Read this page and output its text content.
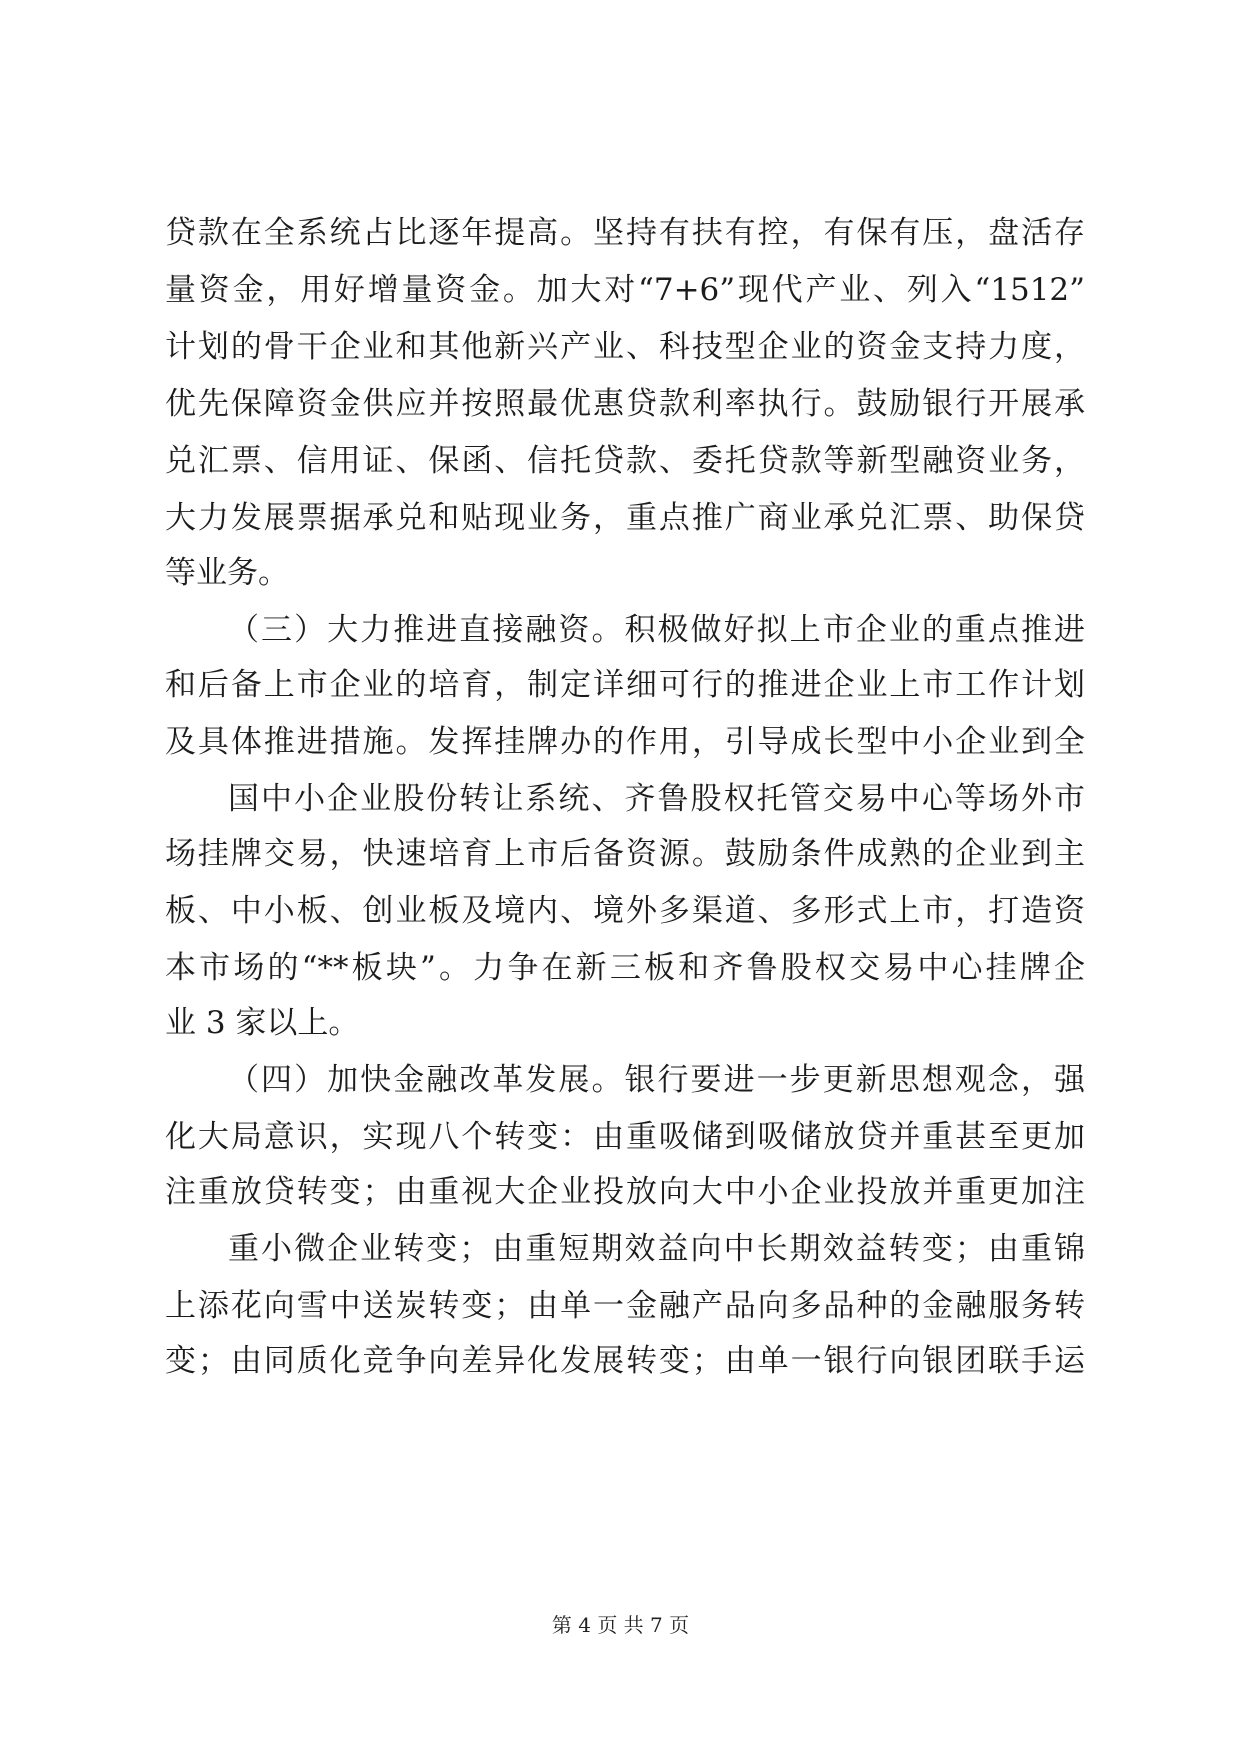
贷款在全系统占比逐年提高。坚持有扶有控，有保有压，盘活存
量资金，用好增量资金。加大对“7+6”现代产业、列入“1512”
计划的骨干企业和其他新兴产业、科技型企业的资金支持力度，
优先保障资金供应并按照最优惠贷款利率执行。鼓励银行开展承
兑汇票、信用证、保函、信托贷款、委托贷款等新型融资业务，
大力发展票据承兑和贴现业务，重点推广商业承兑汇票、助保贷
等业务。
（三）大力推进直接融资。积极做好拟上市企业的重点推进
和后备上市企业的培育，制定详细可行的推进企业上市工作计划
及具体推进措施。发挥挂牌办的作用，引导成长型中小企业到全
国中小企业股份转让系统、齐鲁股权托管交易中心等场外市
场挂牌交易，快速培育上市后备资源。鼓励条件成熟的企业到主
板、中小板、创业板及境内、境外多渠道、多形式上市，打造资
本市场的“**板块”。力争在新三板和齐鲁股权交易中心挂牌企
业 3 家以上。
（四）加快金融改革发展。银行要进一步更新思想观念，强
化大局意识，实现八个转变：由重吸储到吸储放贷并重甚至更加
注重放贷转变；由重视大企业投放向大中小企业投放并重更加注
重小微企业转变；由重短期效益向中长期效益转变；由重锦
上添花向雪中送炭转变；由单一金融产品向多品种的金融服务转
变；由同质化竞争向差异化发展转变；由单一银行向银团联手运
第 4 页 共 7 页
